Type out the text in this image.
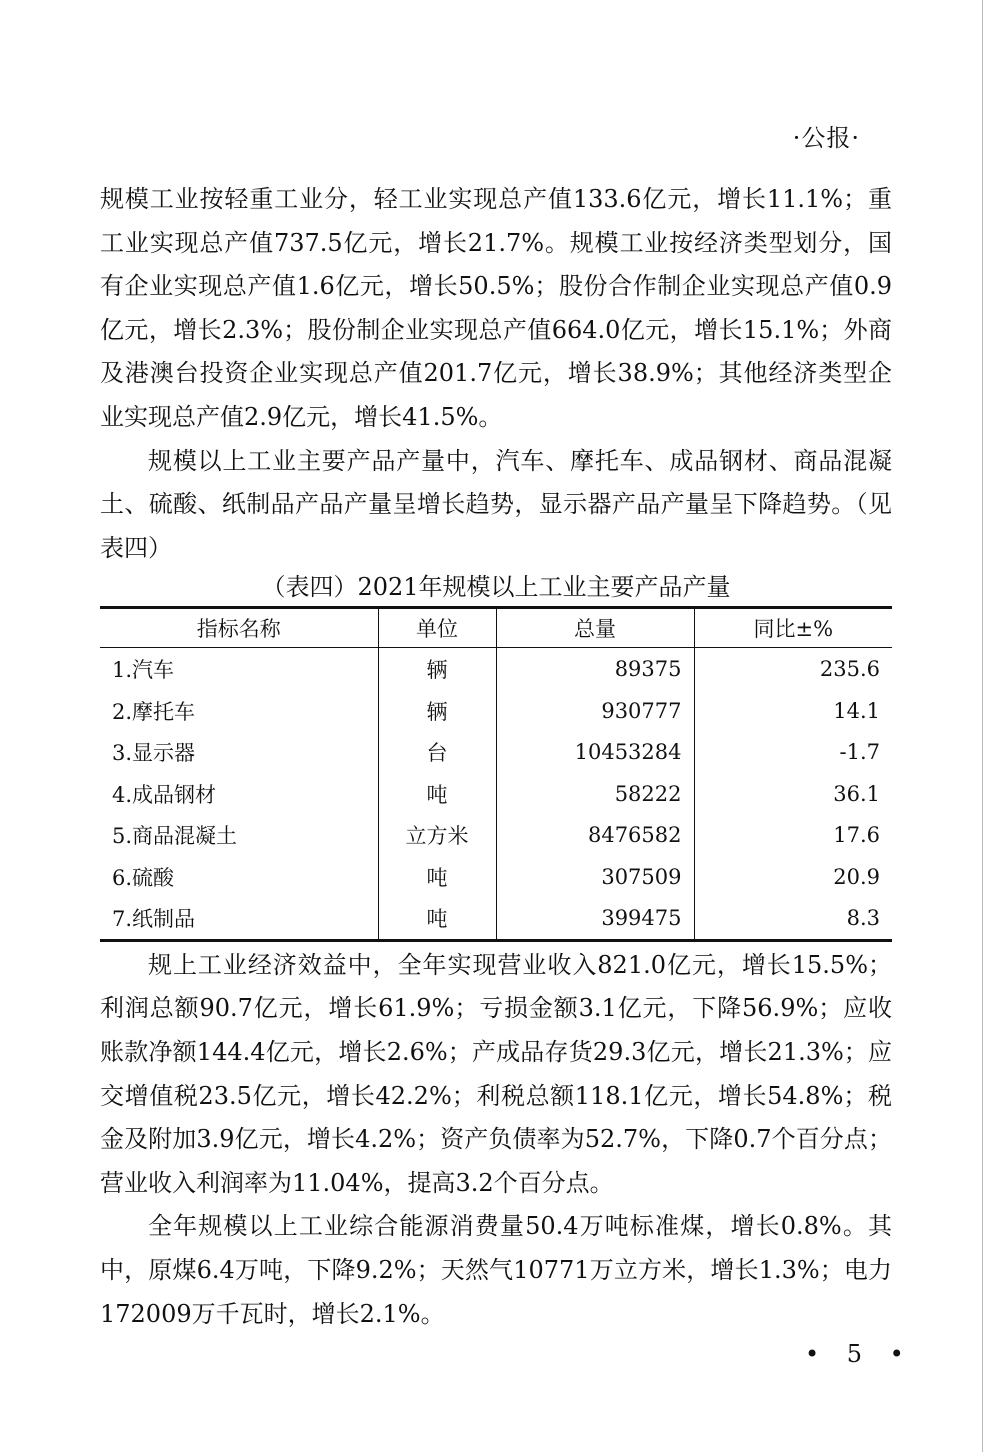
·公报·

规模工业按轻重工业分，轻工业实现总产值133.6亿元，增长11.1%；重工业实现总产值737.5亿元，增长21.7%。规模工业按经济类型划分，国有企业实现总产值1.6亿元，增长50.5%；股份合作制企业实现总产值0.9亿元，增长2.3%；股份制企业实现总产值664.0亿元，增长15.1%；外商及港澳台投资企业实现总产值201.7亿元，增长38.9%；其他经济类型企业实现总产值2.9亿元，增长41.5%。

规模以上工业主要产品产量中，汽车、摩托车、成品钢材、商品混凝土、硫酸、纸制品产品产量呈增长趋势，显示器产品产量呈下降趋势。（见表四）

（表四）2021年规模以上工业主要产品产量
指标名称	单位	总量	同比±%
1.汽车	辆	89375	235.6
2.摩托车	辆	930777	14.1
3.显示器	台	10453284	-1.7
4.成品钢材	吨	58222	36.1
5.商品混凝土	立方米	8476582	17.6
6.硫酸	吨	307509	20.9
7.纸制品	吨	399475	8.3

规上工业经济效益中，全年实现营业收入821.0亿元，增长15.5%；利润总额90.7亿元，增长61.9%；亏损金额3.1亿元，下降56.9%；应收账款净额144.4亿元，增长2.6%；产成品存货29.3亿元，增长21.3%；应交增值税23.5亿元，增长42.2%；利税总额118.1亿元，增长54.8%；税金及附加3.9亿元，增长4.2%；资产负债率为52.7%，下降0.7个百分点；营业收入利润率为11.04%，提高3.2个百分点。

全年规模以上工业综合能源消费量50.4万吨标准煤，增长0.8%。其中，原煤6.4万吨，下降9.2%；天然气10771万立方米，增长1.3%；电力172009万千瓦时，增长2.1%。

• 5 •
